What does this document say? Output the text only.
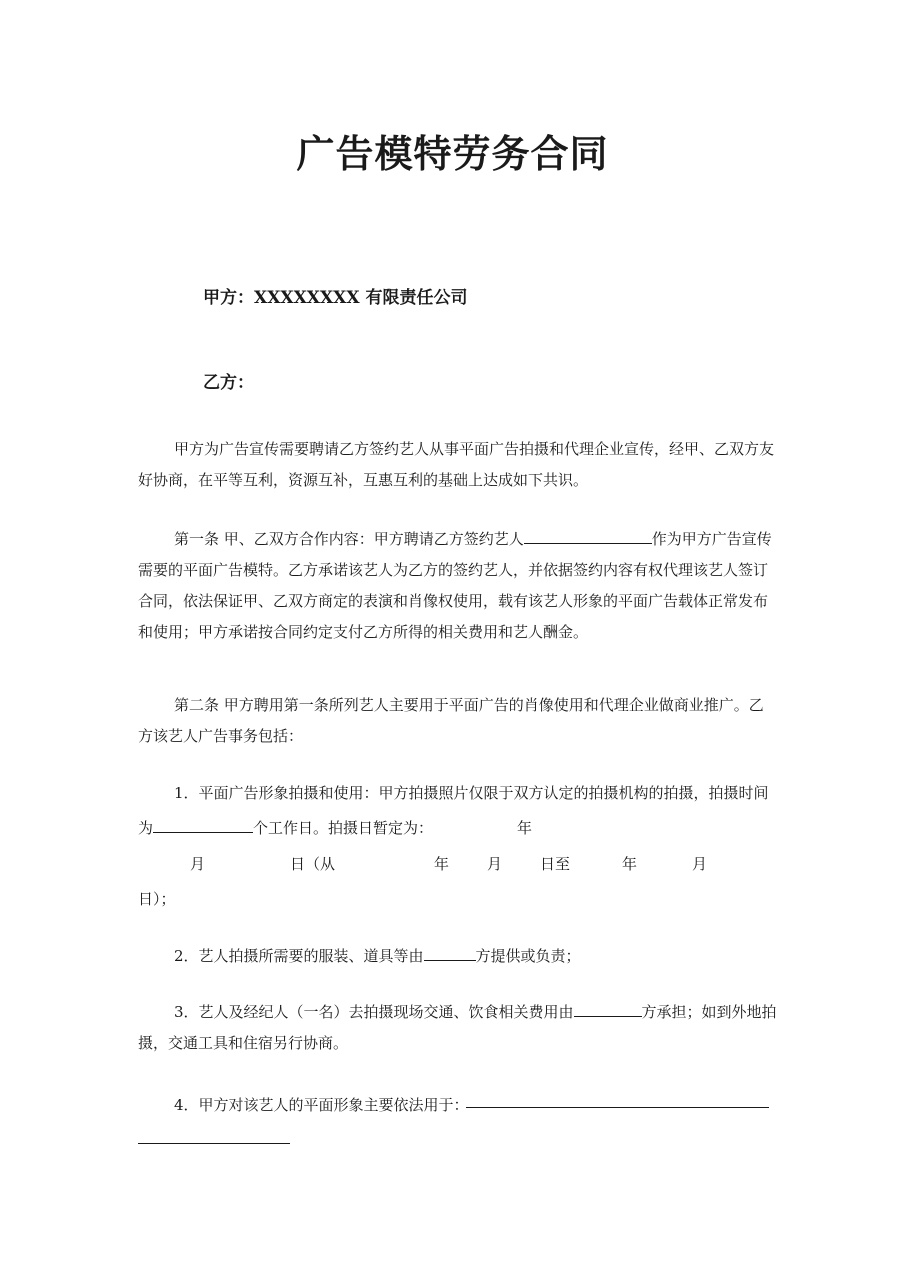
广告模特劳务合同
甲方：XXXXXXXX 有限责任公司
乙方：
甲方为广告宣传需要聘请乙方签约艺人从事平面广告拍摄和代理企业宣传，经甲、乙双方友好协商，在平等互利，资源互补，互惠互利的基础上达成如下共识。
第一条 甲、乙双方合作内容：甲方聘请乙方签约艺人	作为甲方广告宣传需要的平面广告模特。乙方承诺该艺人为乙方的签约艺人，并依据签约内容有权代理该艺人签订合同，依法保证甲、乙双方商定的表演和肖像权使用，载有该艺人形象的平面广告载体正常发布和使用；甲方承诺按合同约定支付乙方所得的相关费用和艺人酬金。
第二条 甲方聘用第一条所列艺人主要用于平面广告的肖像使用和代理企业做商业推广。乙方该艺人广告事务包括：
1．平面广告形象拍摄和使用：甲方拍摄照片仅限于双方认定的拍摄机构的拍摄，拍摄时间
为	个工作日。拍摄日暂定为：	年
月	日（从	年	月	日至	年	月
日）；
2．艺人拍摄所需要的服装、道具等由	方提供或负责；
3．艺人及经纪人（一名）去拍摄现场交通、饮食相关费用由	方承担；如到外地拍摄，交通工具和住宿另行协商。
4．甲方对该艺人的平面形象主要依法用于：
